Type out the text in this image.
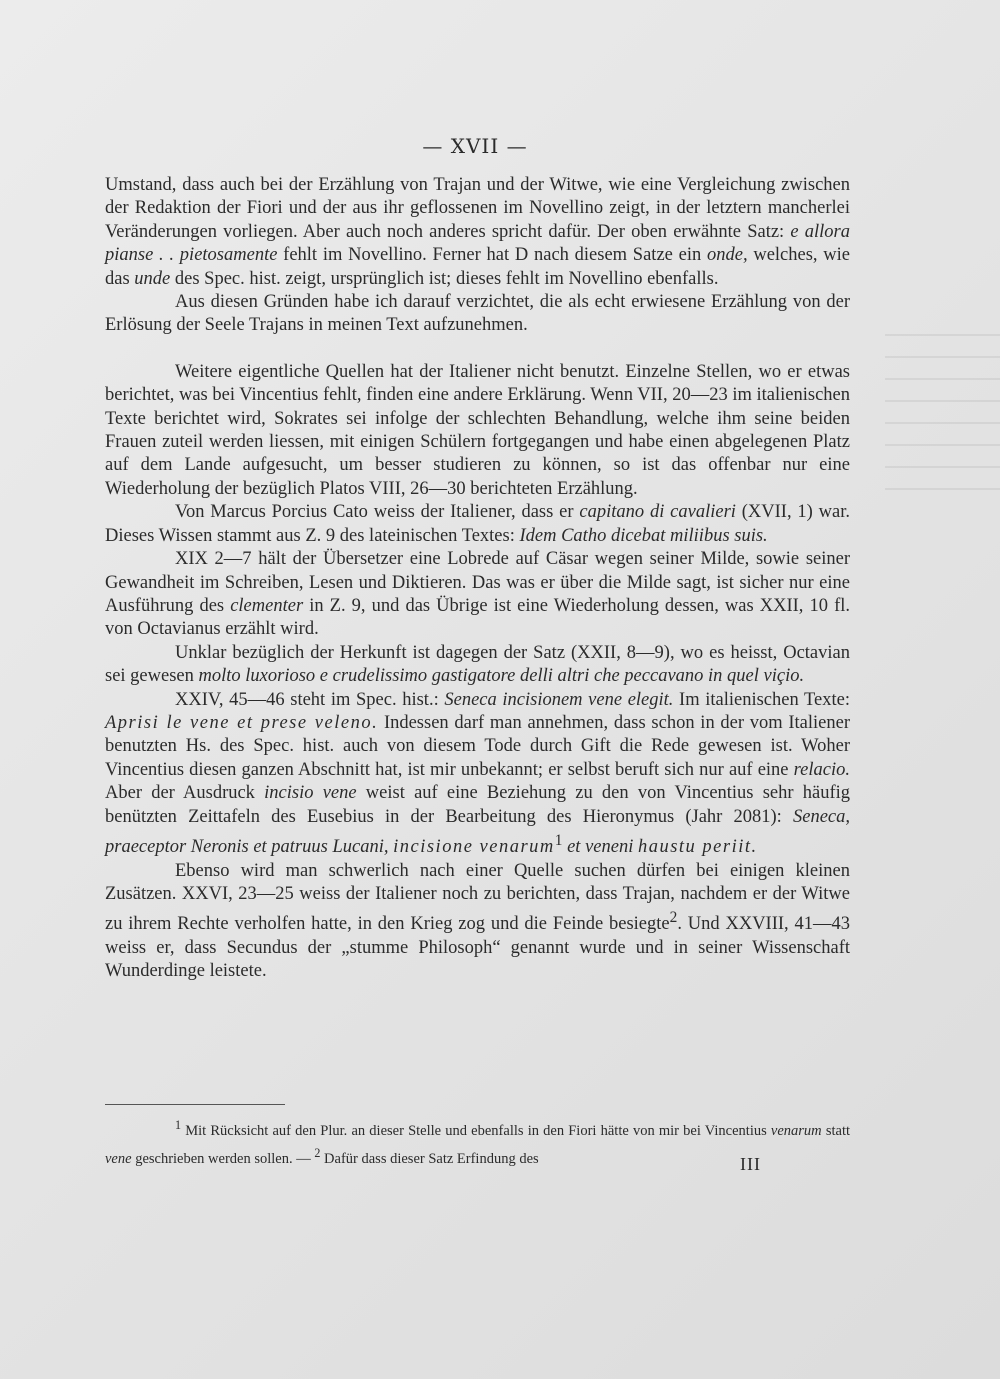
— XVII —

Umstand, dass auch bei der Erzählung von Trajan und der Witwe, wie eine Vergleichung zwischen der Redaktion der Fiori und der aus ihr geflossenen im Novellino zeigt, in der letztern mancherlei Veränderungen vorliegen. Aber auch noch anderes spricht dafür. Der oben erwähnte Satz: e allora pianse . . pietosamente fehlt im Novellino. Ferner hat D nach diesem Satze ein onde, welches, wie das unde des Spec. hist. zeigt, ursprünglich ist; dieses fehlt im Novellino ebenfalls.

Aus diesen Gründen habe ich darauf verzichtet, die als echt erwiesene Erzählung von der Erlösung der Seele Trajans in meinen Text aufzunehmen.

Weitere eigentliche Quellen hat der Italiener nicht benutzt. Einzelne Stellen, wo er etwas berichtet, was bei Vincentius fehlt, finden eine andere Erklärung. Wenn VII, 20—23 im italienischen Texte berichtet wird, Sokrates sei infolge der schlechten Behandlung, welche ihm seine beiden Frauen zuteil werden liessen, mit einigen Schülern fortgegangen und habe einen abgelegenen Platz auf dem Lande aufgesucht, um besser studieren zu können, so ist das offenbar nur eine Wiederholung der bezüglich Platos VIII, 26—30 berichteten Erzählung.

Von Marcus Porcius Cato weiss der Italiener, dass er capitano di cavalieri (XVII, 1) war. Dieses Wissen stammt aus Z. 9 des lateinischen Textes: Idem Catho dicebat miliibus suis.

XIX 2—7 hält der Übersetzer eine Lobrede auf Cäsar wegen seiner Milde, sowie seiner Gewandheit im Schreiben, Lesen und Diktieren. Das was er über die Milde sagt, ist sicher nur eine Ausführung des clementer in Z. 9, und das Übrige ist eine Wiederholung dessen, was XXII, 10 fl. von Octavianus erzählt wird.

Unklar bezüglich der Herkunft ist dagegen der Satz (XXII, 8—9), wo es heisst, Octavian sei gewesen molto luxorioso e crudelissimo gastigatore delli altri che peccavano in quel viçio.

XXIV, 45—46 steht im Spec. hist.: Seneca incisionem vene elegit. Im italienischen Texte: Aprisi le vene et prese veleno. Indessen darf man annehmen, dass schon in der vom Italiener benutzten Hs. des Spec. hist. auch von diesem Tode durch Gift die Rede gewesen ist. Woher Vincentius diesen ganzen Abschnitt hat, ist mir unbekannt; er selbst beruft sich nur auf eine relacio. Aber der Ausdruck incisio vene weist auf eine Beziehung zu den von Vincentius sehr häufig benützten Zeittafeln des Eusebius in der Bearbeitung des Hieronymus (Jahr 2081): Seneca, praeceptor Neronis et patruus Lucani, incisione venarum$^1$ et veneni haustu periit.

Ebenso wird man schwerlich nach einer Quelle suchen dürfen bei einigen kleinen Zusätzen. XXVI, 23—25 weiss der Italiener noch zu berichten, dass Trajan, nachdem er der Witwe zu ihrem Rechte verholfen hatte, in den Krieg zog und die Feinde besiegte$^2$. Und XXVIII, 41—43 weiss er, dass Secundus der „stumme Philosoph“ genannt wurde und in seiner Wissenschaft Wunderdinge leistete.

$^1$ Mit Rücksicht auf den Plur. an dieser Stelle und ebenfalls in den Fiori hätte von mir bei Vincentius venarum statt vene geschrieben werden sollen. — $^2$ Dafür dass dieser Satz Erfindung des	III
